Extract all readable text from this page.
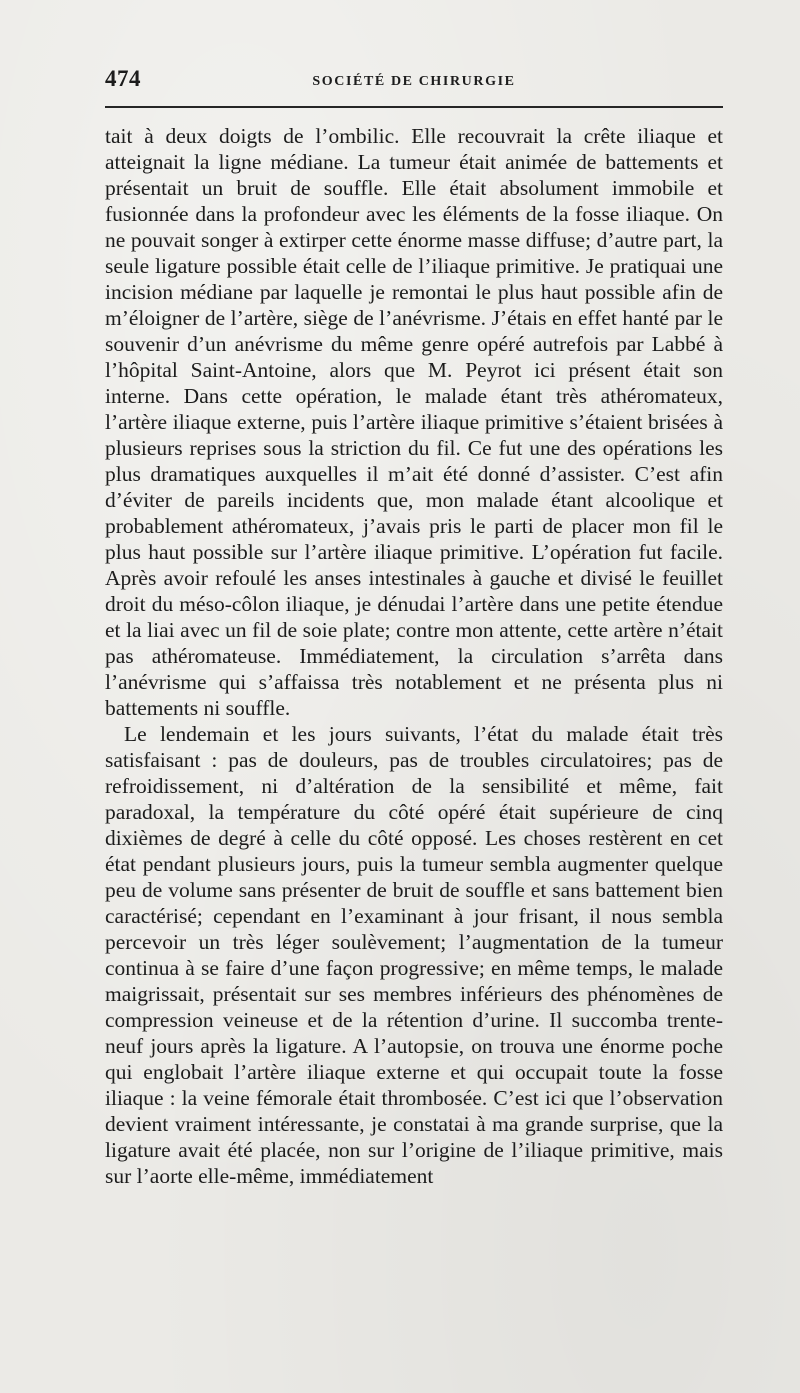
474	SOCIÉTÉ DE CHIRURGIE

tait à deux doigts de l’ombilic. Elle recouvrait la crête iliaque et atteignait la ligne médiane. La tumeur était animée de battements et présentait un bruit de souffle. Elle était absolument immobile et fusionnée dans la profondeur avec les éléments de la fosse iliaque. On ne pouvait songer à extirper cette énorme masse diffuse; d’autre part, la seule ligature possible était celle de l’iliaque primitive. Je pratiquai une incision médiane par laquelle je remontai le plus haut possible afin de m’éloigner de l’artère, siège de l’anévrisme. J’étais en effet hanté par le souvenir d’un anévrisme du même genre opéré autrefois par Labbé à l’hôpital Saint-Antoine, alors que M. Peyrot ici présent était son interne. Dans cette opération, le malade étant très athéromateux, l’artère iliaque externe, puis l’artère iliaque primitive s’étaient brisées à plusieurs reprises sous la striction du fil. Ce fut une des opérations les plus dramatiques auxquelles il m’ait été donné d’assister. C’est afin d’éviter de pareils incidents que, mon malade étant alcoolique et probablement athéromateux, j’avais pris le parti de placer mon fil le plus haut possible sur l’artère iliaque primitive. L’opération fut facile. Après avoir refoulé les anses intestinales à gauche et divisé le feuillet droit du méso-côlon iliaque, je dénudai l’artère dans une petite étendue et la liai avec un fil de soie plate; contre mon attente, cette artère n’était pas athéromateuse. Immédiatement, la circulation s’arrêta dans l’anévrisme qui s’affaissa très notablement et ne présenta plus ni battements ni souffle.

Le lendemain et les jours suivants, l’état du malade était très satisfaisant : pas de douleurs, pas de troubles circulatoires; pas de refroidissement, ni d’altération de la sensibilité et même, fait paradoxal, la température du côté opéré était supérieure de cinq dixièmes de degré à celle du côté opposé. Les choses restèrent en cet état pendant plusieurs jours, puis la tumeur sembla augmenter quelque peu de volume sans présenter de bruit de souffle et sans battement bien caractérisé; cependant en l’examinant à jour frisant, il nous sembla percevoir un très léger soulèvement; l’augmentation de la tumeur continua à se faire d’une façon progressive; en même temps, le malade maigrissait, présentait sur ses membres inférieurs des phénomènes de compression veineuse et de la rétention d’urine. Il succomba trente-neuf jours après la ligature. A l’autopsie, on trouva une énorme poche qui englobait l’artère iliaque externe et qui occupait toute la fosse iliaque : la veine fémorale était thrombosée. C’est ici que l’observation devient vraiment intéressante, je constatai à ma grande surprise, que la ligature avait été placée, non sur l’origine de l’iliaque primitive, mais sur l’aorte elle-même, immédiatement
